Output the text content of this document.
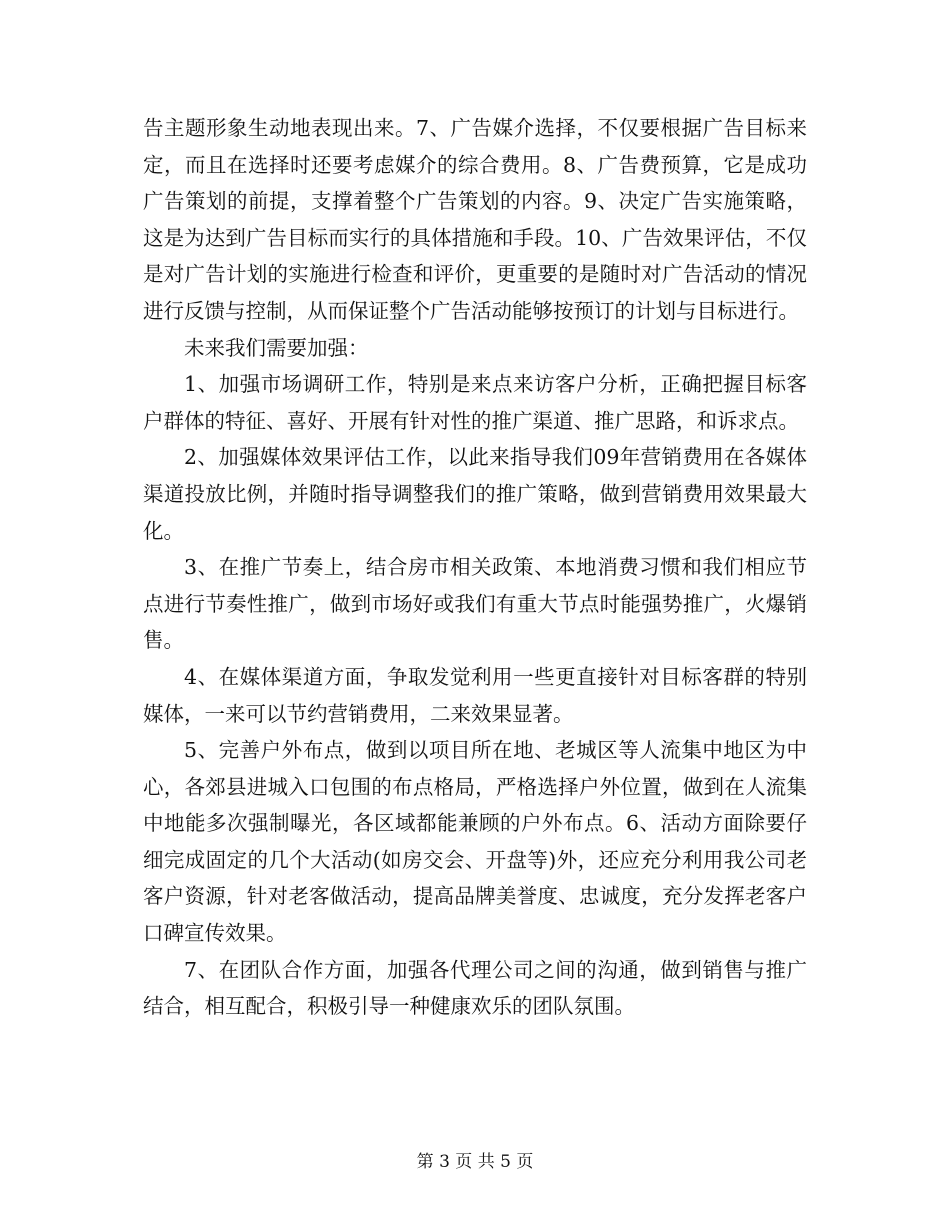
告主题形象生动地表现出来。7、广告媒介选择，不仅要根据广告目标来定，而且在选择时还要考虑媒介的综合费用。8、广告费预算，它是成功广告策划的前提，支撑着整个广告策划的内容。9、决定广告实施策略，这是为达到广告目标而实行的具体措施和手段。10、广告效果评估，不仅是对广告计划的实施进行检查和评价，更重要的是随时对广告活动的情况进行反馈与控制，从而保证整个广告活动能够按预订的计划与目标进行。

未来我们需要加强：

1、加强市场调研工作，特别是来点来访客户分析，正确把握目标客户群体的特征、喜好、开展有针对性的推广渠道、推广思路，和诉求点。

2、加强媒体效果评估工作，以此来指导我们09年营销费用在各媒体渠道投放比例，并随时指导调整我们的推广策略，做到营销费用效果最大化。

3、在推广节奏上，结合房市相关政策、本地消费习惯和我们相应节点进行节奏性推广，做到市场好或我们有重大节点时能强势推广，火爆销售。

4、在媒体渠道方面，争取发觉利用一些更直接针对目标客群的特别媒体，一来可以节约营销费用，二来效果显著。

5、完善户外布点，做到以项目所在地、老城区等人流集中地区为中心，各郊县进城入口包围的布点格局，严格选择户外位置，做到在人流集中地能多次强制曝光，各区域都能兼顾的户外布点。6、活动方面除要仔细完成固定的几个大活动(如房交会、开盘等)外，还应充分利用我公司老客户资源，针对老客做活动，提高品牌美誉度、忠诚度，充分发挥老客户口碑宣传效果。

7、在团队合作方面，加强各代理公司之间的沟通，做到销售与推广结合，相互配合，积极引导一种健康欢乐的团队氛围。

第 3 页 共 5 页
